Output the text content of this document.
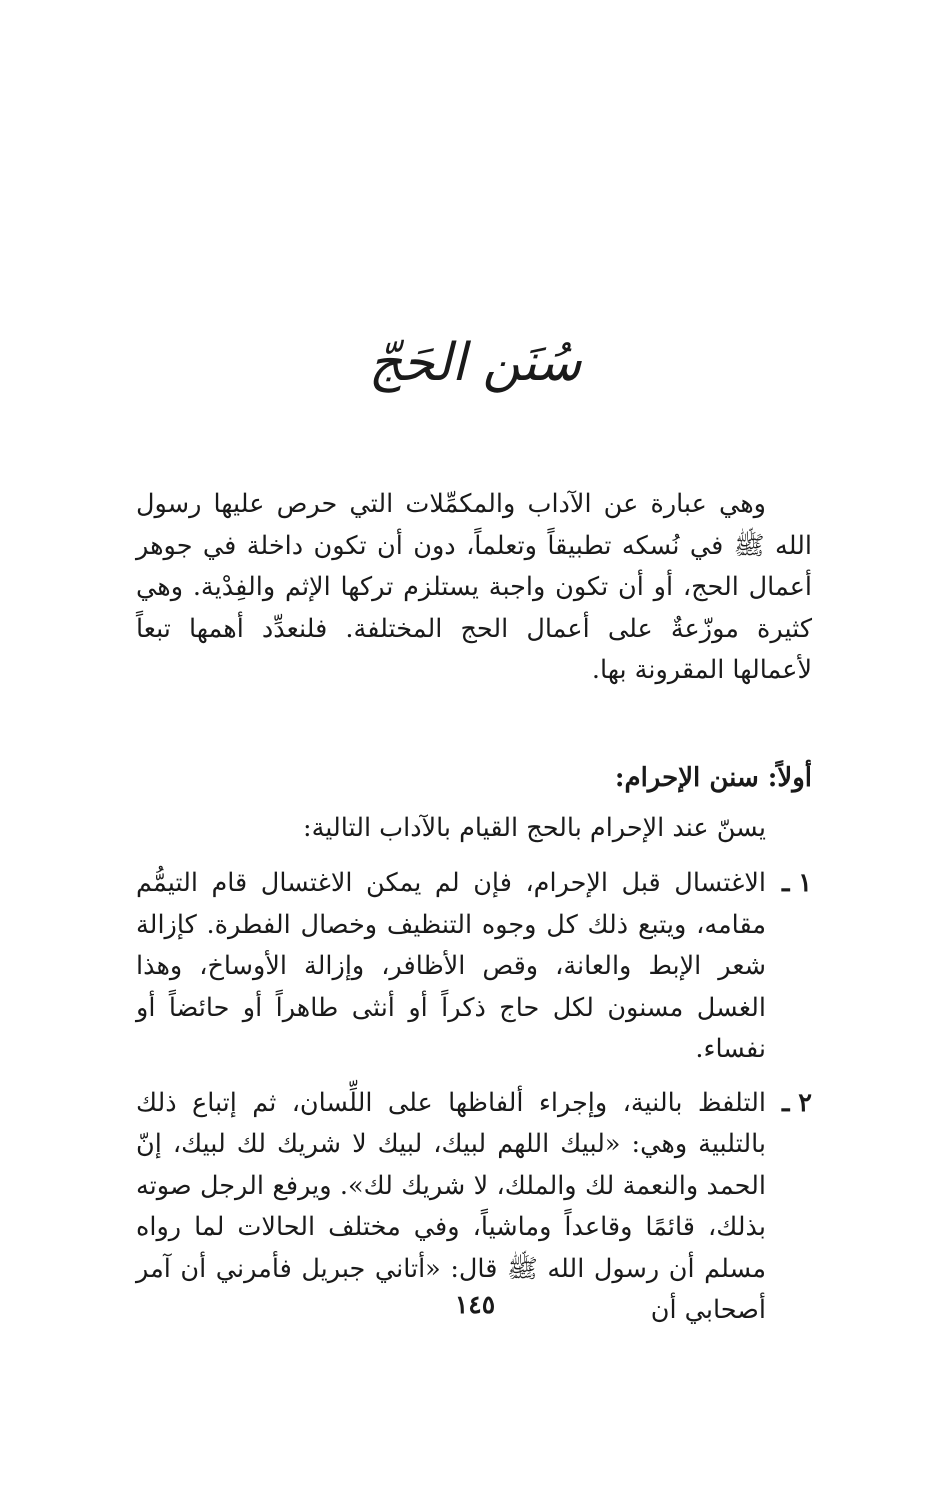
سُنَن الحَجّ

وهي عبارة عن الآداب والمكمِّلات التي حرص عليها رسول الله ﷺ في نُسكه تطبيقاً وتعلماً، دون أن تكون داخلة في جوهر أعمال الحج، أو أن تكون واجبة يستلزم تركها الإثم والفِدْية. وهي كثيرة موزّعةٌ على أعمال الحج المختلفة. فلنعدِّد أهمها تبعاً لأعمالها المقرونة بها.

أولاً: سنن الإحرام:
يسنّ عند الإحرام بالحج القيام بالآداب التالية:
١ ـ
الاغتسال قبل الإحرام، فإن لم يمكن الاغتسال قام التيمُّم مقامه، ويتبع ذلك كل وجوه التنظيف وخصال الفطرة. كإزالة شعر الإبط والعانة، وقص الأظافر، وإزالة الأوساخ، وهذا الغسل مسنون لكل حاج ذكراً أو أنثى طاهراً أو حائضاً أو نفساء.
٢ ـ
التلفظ بالنية، وإجراء ألفاظها على اللِّسان، ثم إتباع ذلك بالتلبية وهي: «لبيك اللهم لبيك، لبيك لا شريك لك لبيك، إنّ الحمد والنعمة لك والملك، لا شريك لك». ويرفع الرجل صوته بذلك، قائمًا وقاعداً وماشياً، وفي مختلف الحالات لما رواه مسلم أن رسول الله ﷺ قال: «أتاني جبريل فأمرني أن آمر أصحابي أن
١٤٥
